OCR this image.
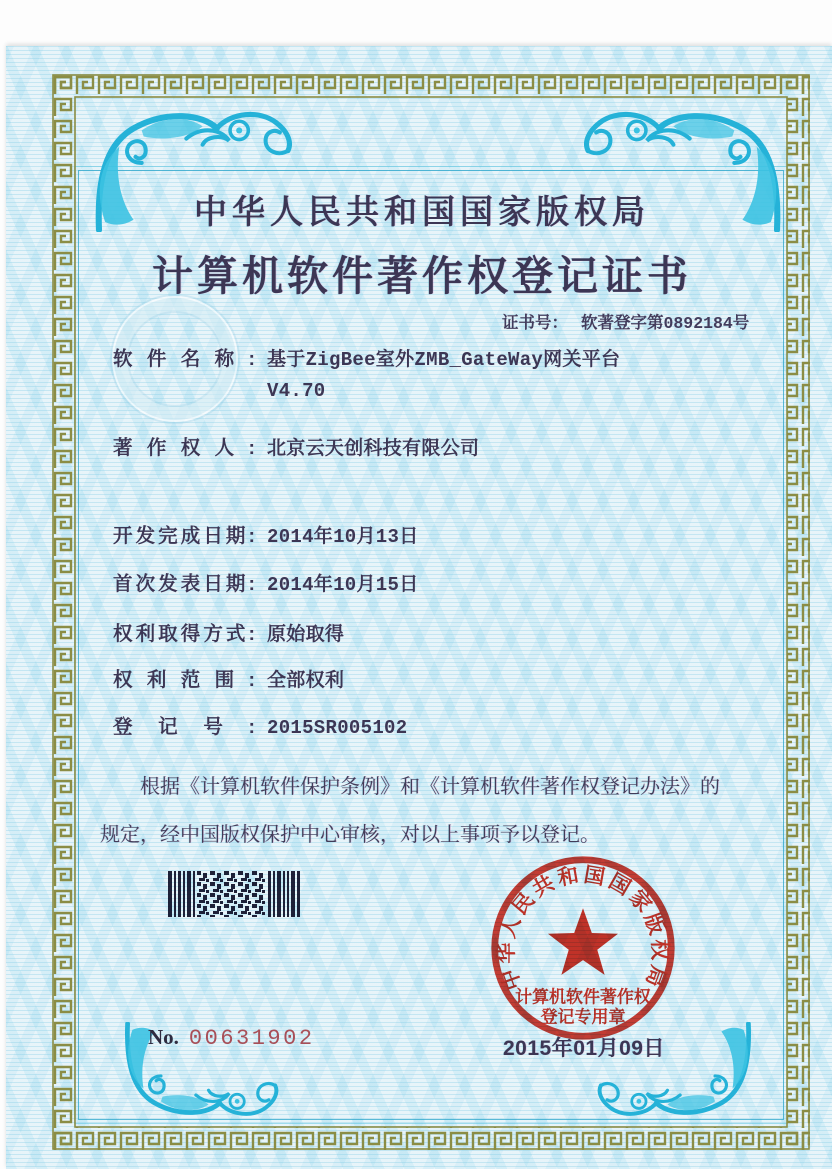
中华人民共和国国家版权局
计算机软件著作权登记证书
证书号： 软著登字第0892184号
软件名称: 基于ZigBee室外ZMB_GateWay网关平台
V4.70
著作权人: 北京云天创科技有限公司
开发完成日期: 2014年10月13日
首次发表日期: 2014年10月15日
权利取得方式: 原始取得
权利范围: 全部权利
登记号: 2015SR005102
根据《计算机软件保护条例》和《计算机软件著作权登记办法》的
规定，经中国版权保护中心审核，对以上事项予以登记。
中华人民共和国国家版权局
计算机软件著作权
登记专用章
2015年01月09日
No. 00631902
